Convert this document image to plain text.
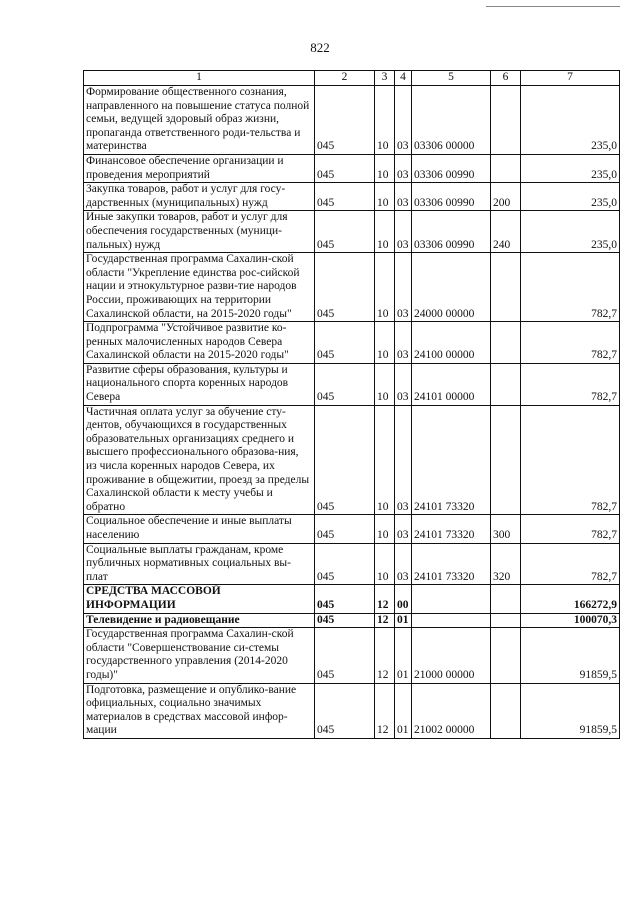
822
1	2	3	4	5	6	7
Формирование общественного сознания, направленного на повышение статуса полной семьи, ведущей здоровый образ жизни, пропаганда ответственного роди-тельства и материнства	045	10	03	03306 00000		235,0
Финансовое обеспечение организации и проведения мероприятий	045	10	03	03306 00990		235,0
Закупка товаров, работ и услуг для госу-дарственных (муниципальных) нужд	045	10	03	03306 00990	200	235,0
Иные закупки товаров, работ и услуг для обеспечения государственных (муници-пальных) нужд	045	10	03	03306 00990	240	235,0
Государственная программа Сахалин-ской области "Укрепление единства рос-сийской нации и этнокультурное разви-тие народов России, проживающих на территории Сахалинской области, на 2015-2020 годы"	045	10	03	24000 00000		782,7
Подпрограмма "Устойчивое развитие ко-ренных малочисленных народов Севера Сахалинской области на 2015-2020 годы"	045	10	03	24100 00000		782,7
Развитие сферы образования, культуры и национального спорта коренных народов Севера	045	10	03	24101 00000		782,7
Частичная оплата услуг за обучение сту-дентов, обучающихся в государственных образовательных организациях среднего и высшего профессионального образова-ния, из числа коренных народов Севера, их проживание в общежитии, проезд за пределы Сахалинской области к месту учебы и обратно	045	10	03	24101 73320		782,7
Социальное обеспечение и иные выплаты населению	045	10	03	24101 73320	300	782,7
Социальные выплаты гражданам, кроме публичных нормативных социальных вы-плат	045	10	03	24101 73320	320	782,7
СРЕДСТВА МАССОВОЙ ИНФОРМАЦИИ	045	12	00			166272,9
Телевидение и радиовещание	045	12	01			100070,3
Государственная программа Сахалин-ской области "Совершенствование си-стемы государственного управления (2014-2020 годы)"	045	12	01	21000 00000		91859,5
Подготовка, размещение и опублико-вание официальных, социально значимых материалов в средствах массовой инфор-мации	045	12	01	21002 00000		91859,5
